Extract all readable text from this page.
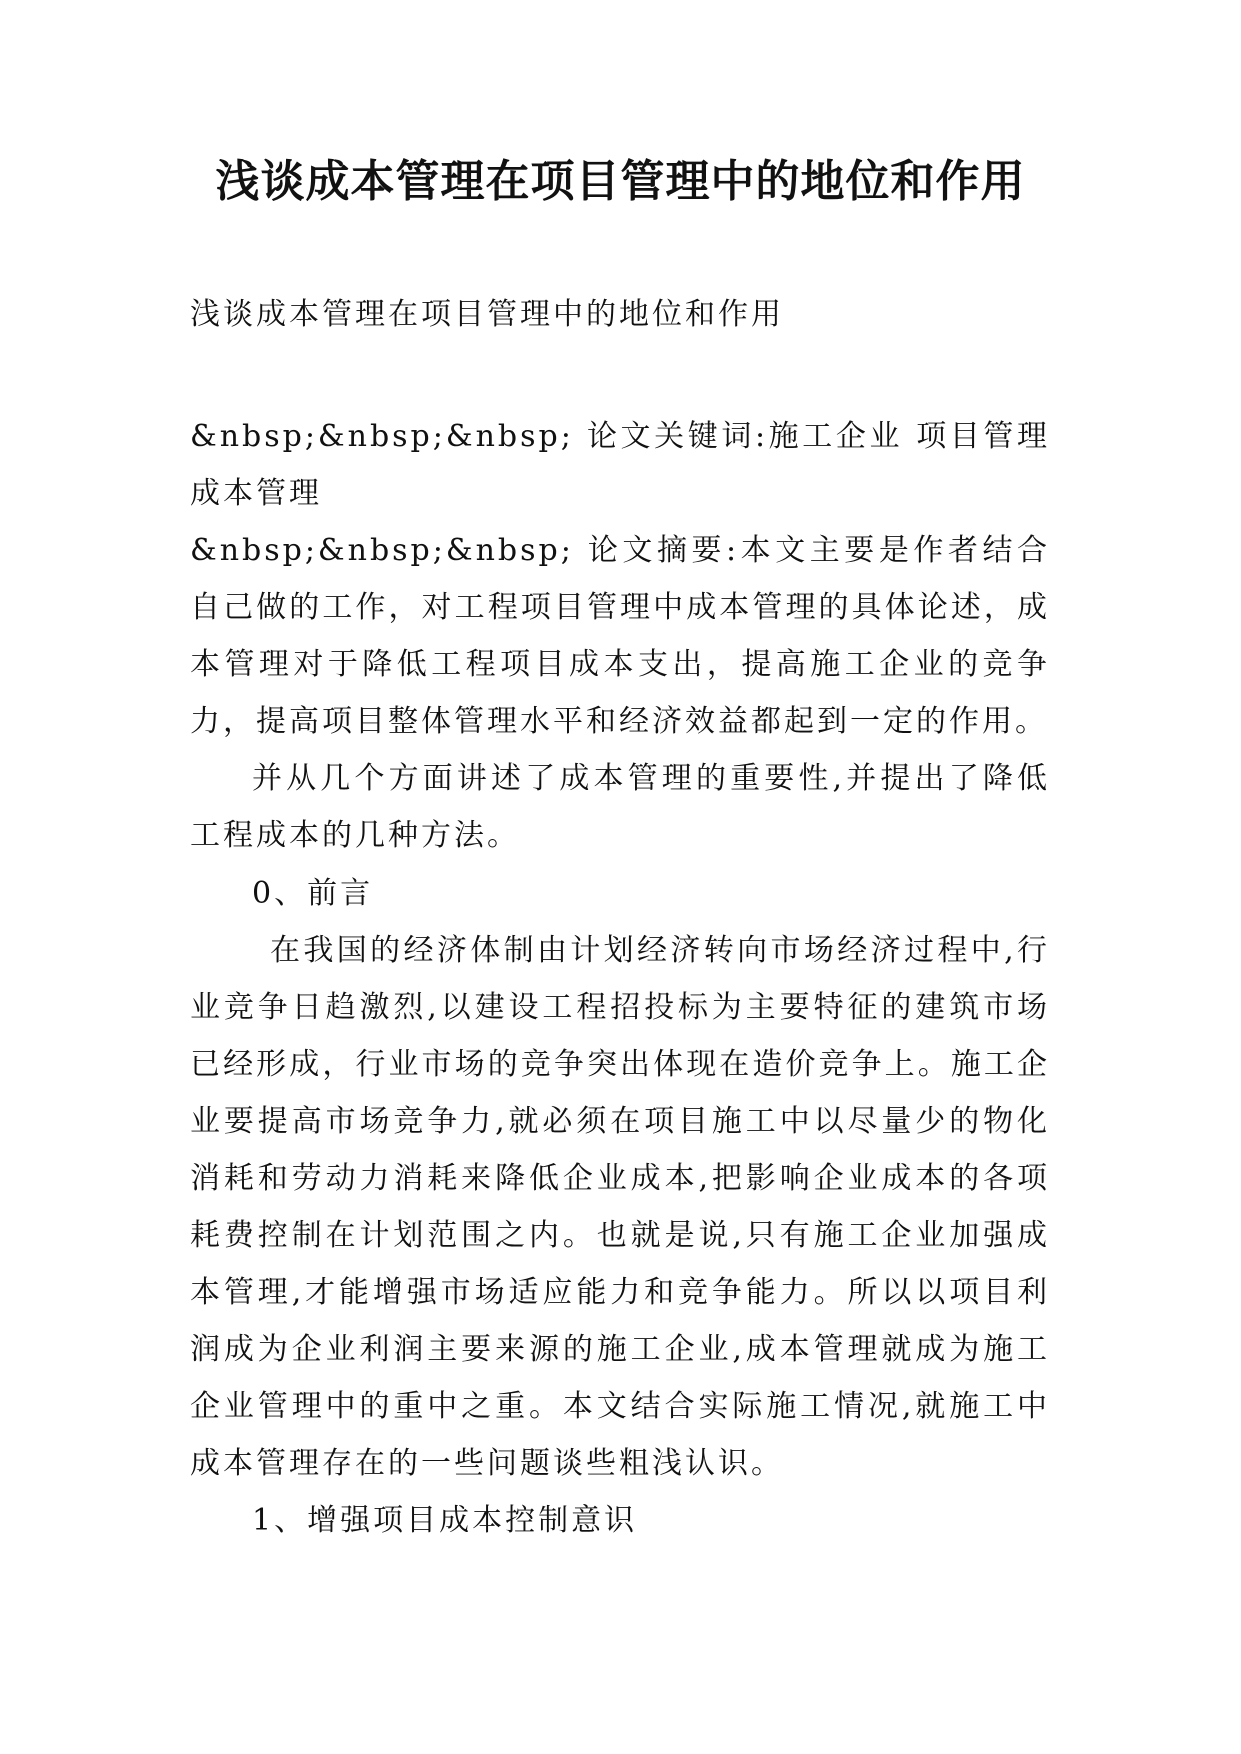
浅谈成本管理在项目管理中的地位和作用

浅谈成本管理在项目管理中的地位和作用

&nbsp;&nbsp;&nbsp; 论文关键词:施工企业 项目管理 成本管理

&nbsp;&nbsp;&nbsp; 论文摘要:本文主要是作者结合自己做的工作，对工程项目管理中成本管理的具体论述，成本管理对于降低工程项目成本支出，提高施工企业的竞争力，提高项目整体管理水平和经济效益都起到一定的作用。

并从几个方面讲述了成本管理的重要性,并提出了降低工程成本的几种方法。

0、前言

在我国的经济体制由计划经济转向市场经济过程中,行业竞争日趋激烈,以建设工程招投标为主要特征的建筑市场已经形成，行业市场的竞争突出体现在造价竞争上。施工企业要提高市场竞争力,就必须在项目施工中以尽量少的物化消耗和劳动力消耗来降低企业成本,把影响企业成本的各项耗费控制在计划范围之内。也就是说,只有施工企业加强成本管理,才能增强市场适应能力和竞争能力。所以以项目利润成为企业利润主要来源的施工企业,成本管理就成为施工企业管理中的重中之重。本文结合实际施工情况,就施工中成本管理存在的一些问题谈些粗浅认识。

1、增强项目成本控制意识
